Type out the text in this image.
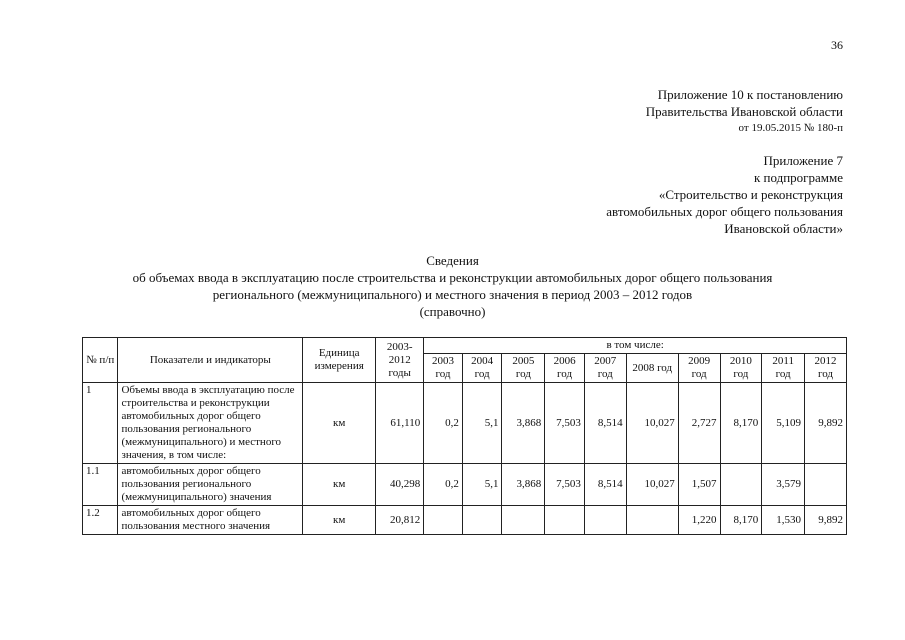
36
Приложение 10 к постановлению
Правительства Ивановской области
от 19.05.2015 № 180-п
Приложение 7
к подпрограмме
«Строительство и реконструкция
автомобильных дорог общего пользования
Ивановской области»
Сведения
об объемах ввода в эксплуатацию после строительства и реконструкции автомобильных дорог общего пользования
регионального (межмуниципального) и местного значения в период 2003 – 2012 годов
(справочно)
№ п/п	Показатели и индикаторы	Единица измерения	2003-2012 годы	в том числе:									
				2003 год	2004 год	2005 год	2006 год	2007 год	2008 год	2009 год	2010 год	2011 год	2012 год
1	Объемы ввода в эксплуатацию после строительства и реконструкции автомобильных дорог общего пользования регионального (межмуниципального) и местного значения, в том числе:	км	61,110	0,2	5,1	3,868	7,503	8,514	10,027	2,727	8,170	5,109	9,892
1.1	автомобильных дорог общего пользования регионального (межмуниципального) значения	км	40,298	0,2	5,1	3,868	7,503	8,514	10,027	1,507		3,579	
1.2	автомобильных дорог общего пользования местного значения	км	20,812							1,220	8,170	1,530	9,892
